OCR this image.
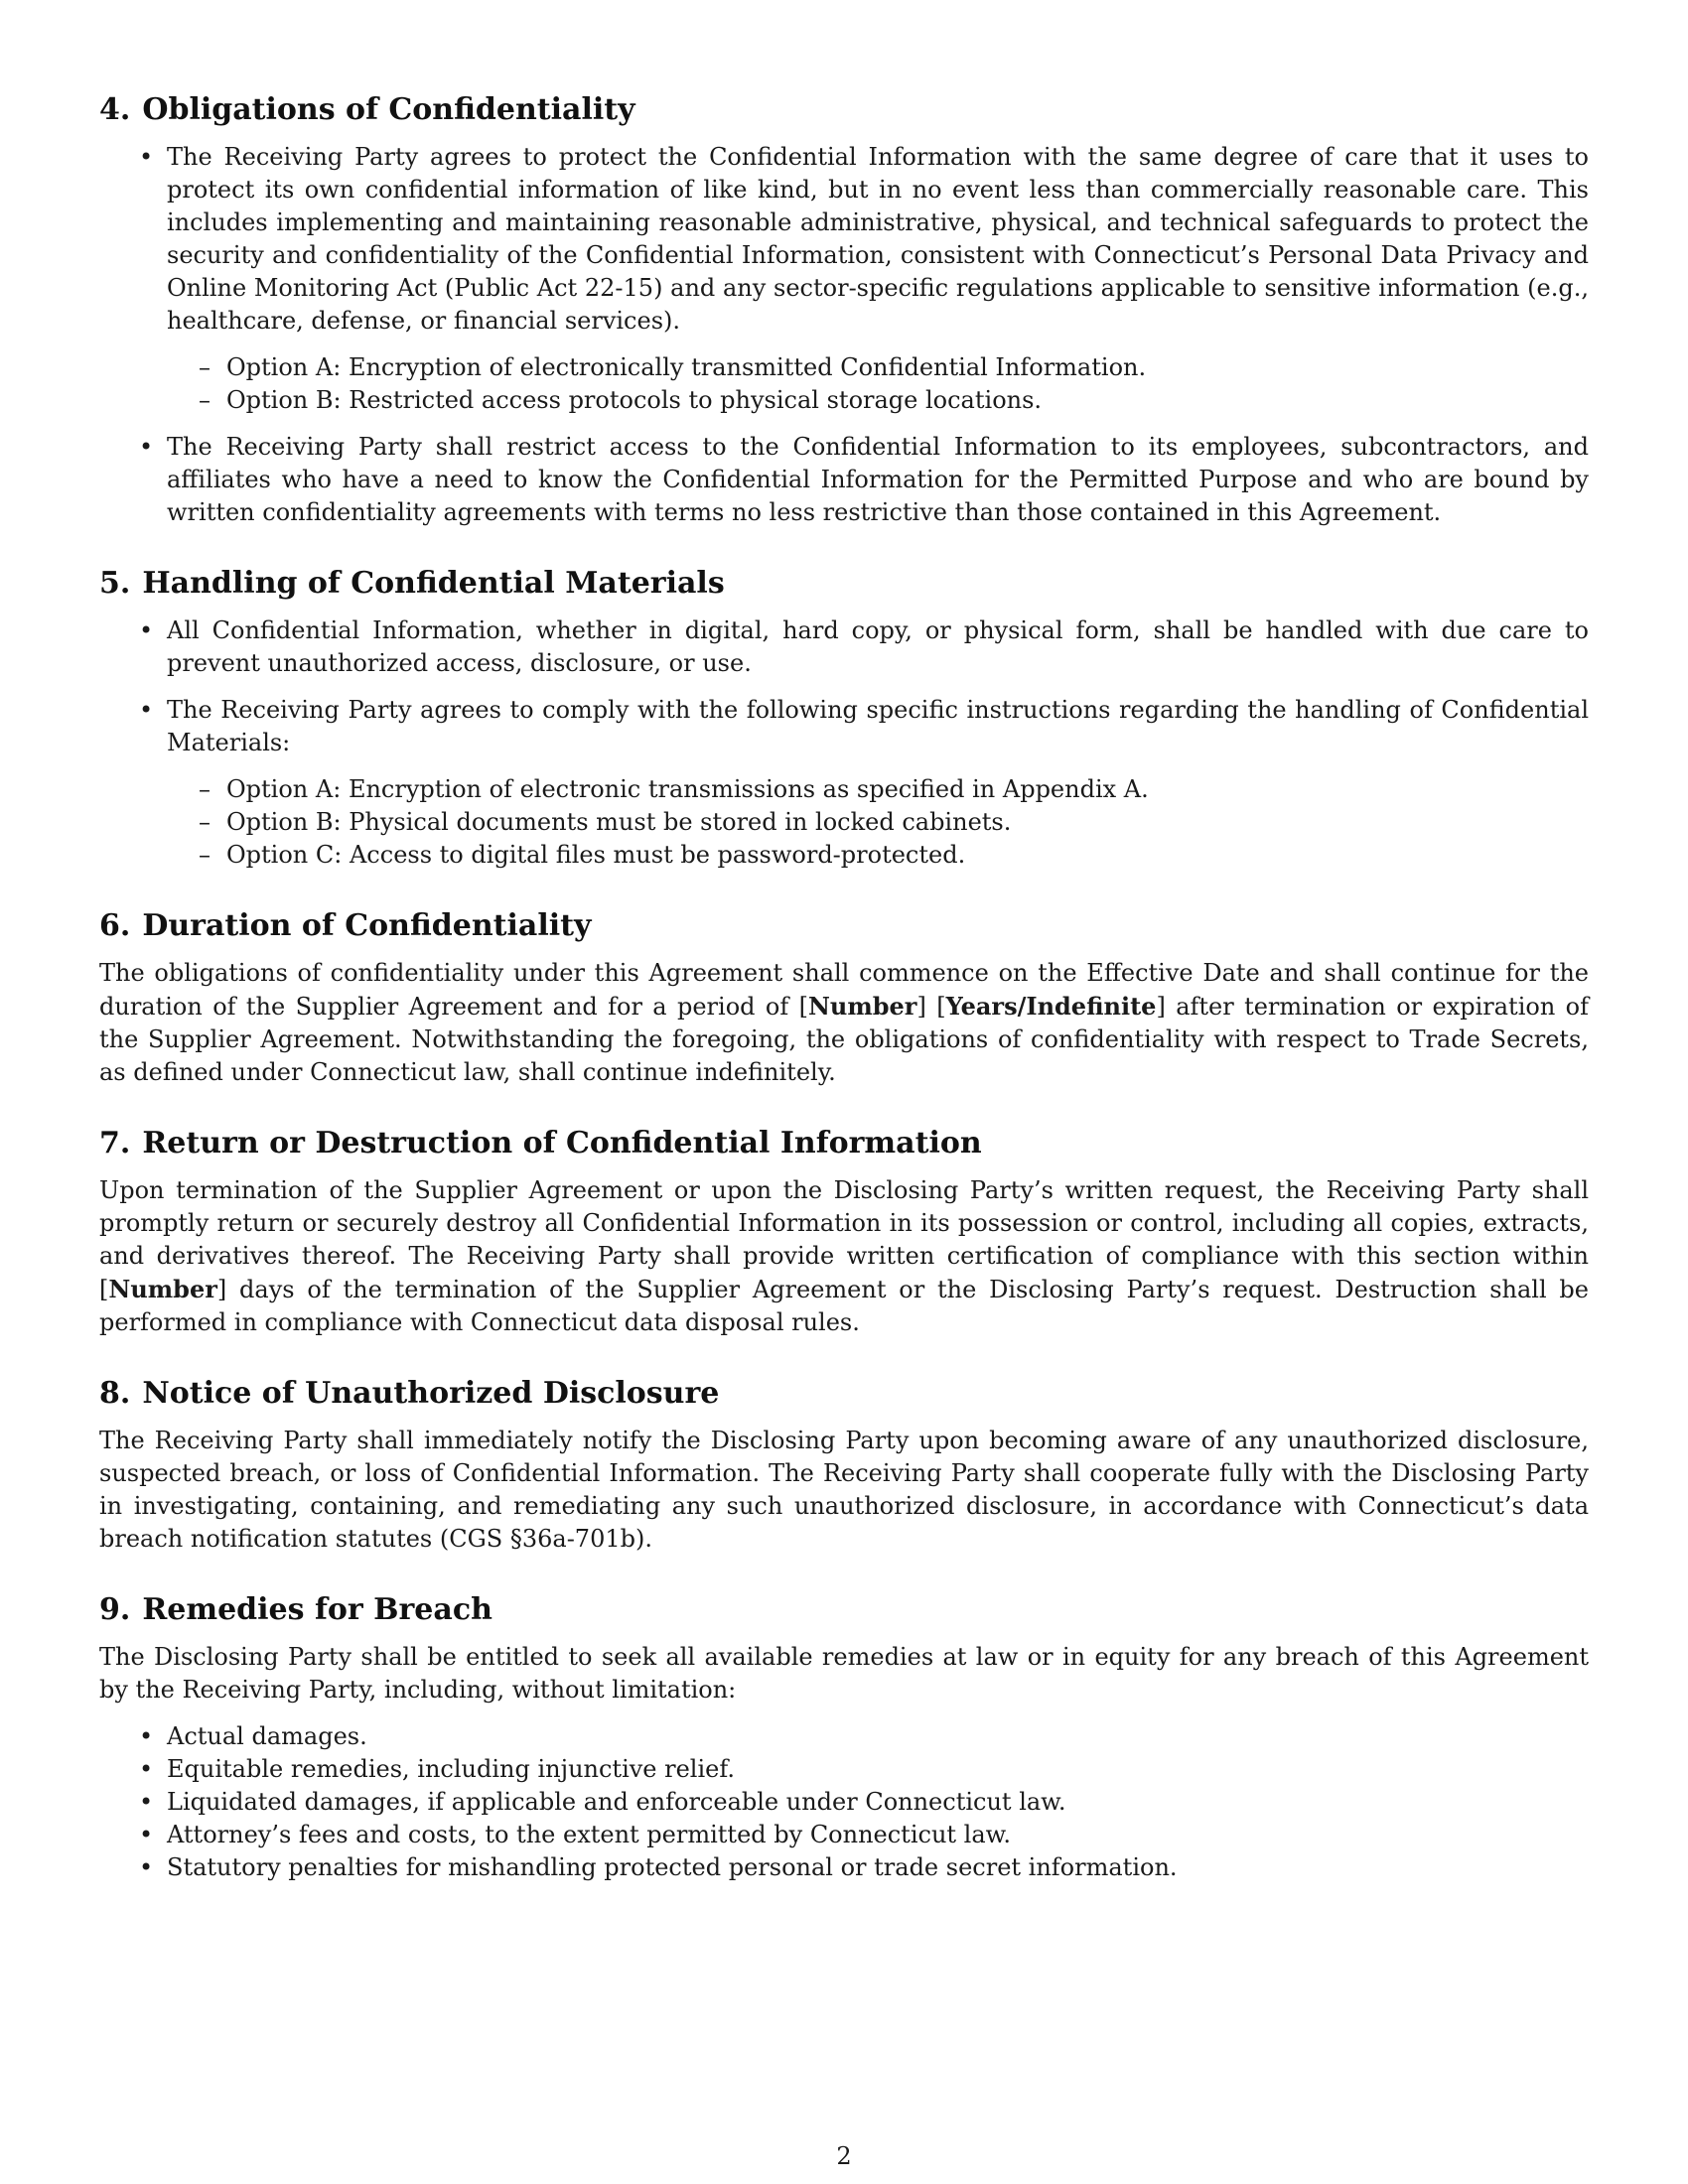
4. Obligations of Confidentiality
• The Receiving Party agrees to protect the Confidential Information with the same degree of care that it uses to protect its own confidential information of like kind, but in no event less than commercially reasonable care. This includes implementing and maintaining reasonable administrative, physical, and technical safeguards to protect the security and confidentiality of the Confidential Information, consistent with Connecticut’s Personal Data Privacy and Online Monitoring Act (Public Act 22-15) and any sector-specific regulations applicable to sensitive information (e.g., healthcare, defense, or financial services).
– Option A: Encryption of electronically transmitted Confidential Information.
– Option B: Restricted access protocols to physical storage locations.
• The Receiving Party shall restrict access to the Confidential Information to its employees, subcontractors, and affiliates who have a need to know the Confidential Information for the Permitted Purpose and who are bound by written confidentiality agreements with terms no less restrictive than those contained in this Agreement.
5. Handling of Confidential Materials
• All Confidential Information, whether in digital, hard copy, or physical form, shall be handled with due care to prevent unauthorized access, disclosure, or use.
• The Receiving Party agrees to comply with the following specific instructions regarding the handling of Confidential Materials:
– Option A: Encryption of electronic transmissions as specified in Appendix A.
– Option B: Physical documents must be stored in locked cabinets.
– Option C: Access to digital files must be password-protected.
6. Duration of Confidentiality

The obligations of confidentiality under this Agreement shall commence on the Effective Date and shall continue for the duration of the Supplier Agreement and for a period of [Number] [Years/Indefinite] after termination or expiration of the Supplier Agreement. Notwithstanding the foregoing, the obligations of confidentiality with respect to Trade Secrets, as defined under Connecticut law, shall continue indefinitely.

7. Return or Destruction of Confidential Information

Upon termination of the Supplier Agreement or upon the Disclosing Party’s written request, the Receiving Party shall promptly return or securely destroy all Confidential Information in its possession or control, including all copies, extracts, and derivatives thereof. The Receiving Party shall provide written certification of compliance with this section within [Number] days of the termination of the Supplier Agreement or the Disclosing Party’s request. Destruction shall be performed in compliance with Connecticut data disposal rules.

8. Notice of Unauthorized Disclosure

The Receiving Party shall immediately notify the Disclosing Party upon becoming aware of any unauthorized disclosure, suspected breach, or loss of Confidential Information. The Receiving Party shall cooperate fully with the Disclosing Party in investigating, containing, and remediating any such unauthorized disclosure, in accordance with Connecticut’s data breach notification statutes (CGS §36a-701b).

9. Remedies for Breach

The Disclosing Party shall be entitled to seek all available remedies at law or in equity for any breach of this Agreement by the Receiving Party, including, without limitation:

• Actual damages.
• Equitable remedies, including injunctive relief.
• Liquidated damages, if applicable and enforceable under Connecticut law.
• Attorney’s fees and costs, to the extent permitted by Connecticut law.
• Statutory penalties for mishandling protected personal or trade secret information.
2
